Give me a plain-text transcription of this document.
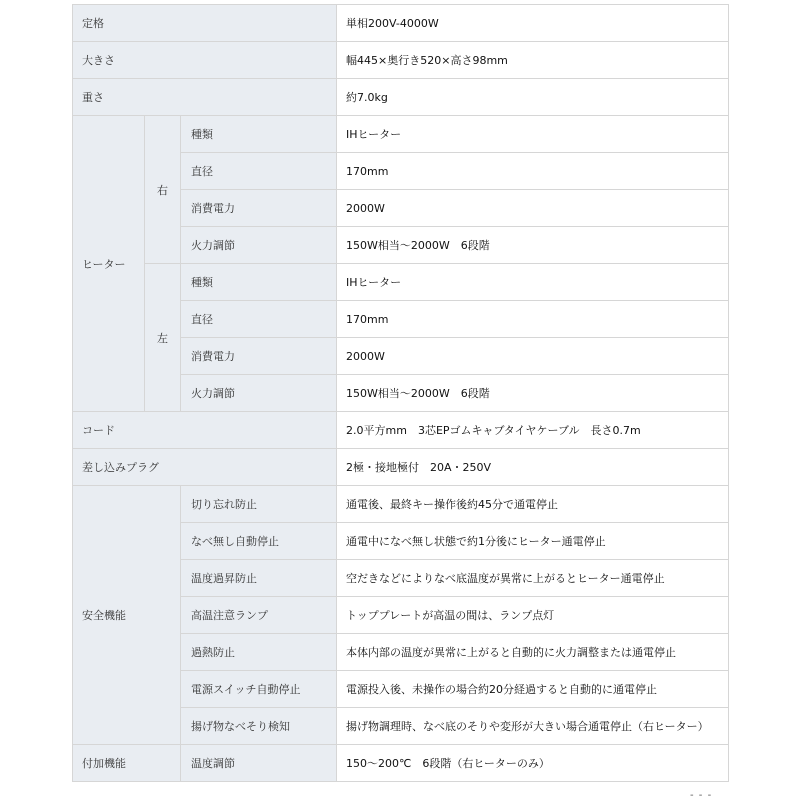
定格			単相200V-4000W
大きさ			幅445×奥行き520×高さ98mm
重さ			約7.0kg
ヒーター	右	種類	IHヒーター
		直径	170mm
		消費電力	2000W
		火力調節	150W相当～2000W　6段階
	左	種類	IHヒーター
		直径	170mm
		消費電力	2000W
		火力調節	150W相当～2000W　6段階
コード			2.0平方mm　3芯EPゴムキャブタイヤケーブル　長さ0.7m
差し込みプラグ			2極・接地極付　20A・250V
安全機能		切り忘れ防止	通電後、最終キー操作後約45分で通電停止
		なべ無し自動停止	通電中になべ無し状態で約1分後にヒーター通電停止
		温度過昇防止	空だきなどによりなべ底温度が異常に上がるとヒーター通電停止
		高温注意ランプ	トッププレートが高温の間は、ランプ点灯
		過熱防止	本体内部の温度が異常に上がると自動的に火力調整または通電停止
		電源スイッチ自動停止	電源投入後、未操作の場合約20分経過すると自動的に通電停止
		揚げ物なべそり検知	揚げ物調理時、なべ底のそりや変形が大きい場合通電停止（右ヒーター）
付加機能		温度調節	150～200℃　6段階（右ヒーターのみ）
- - -
